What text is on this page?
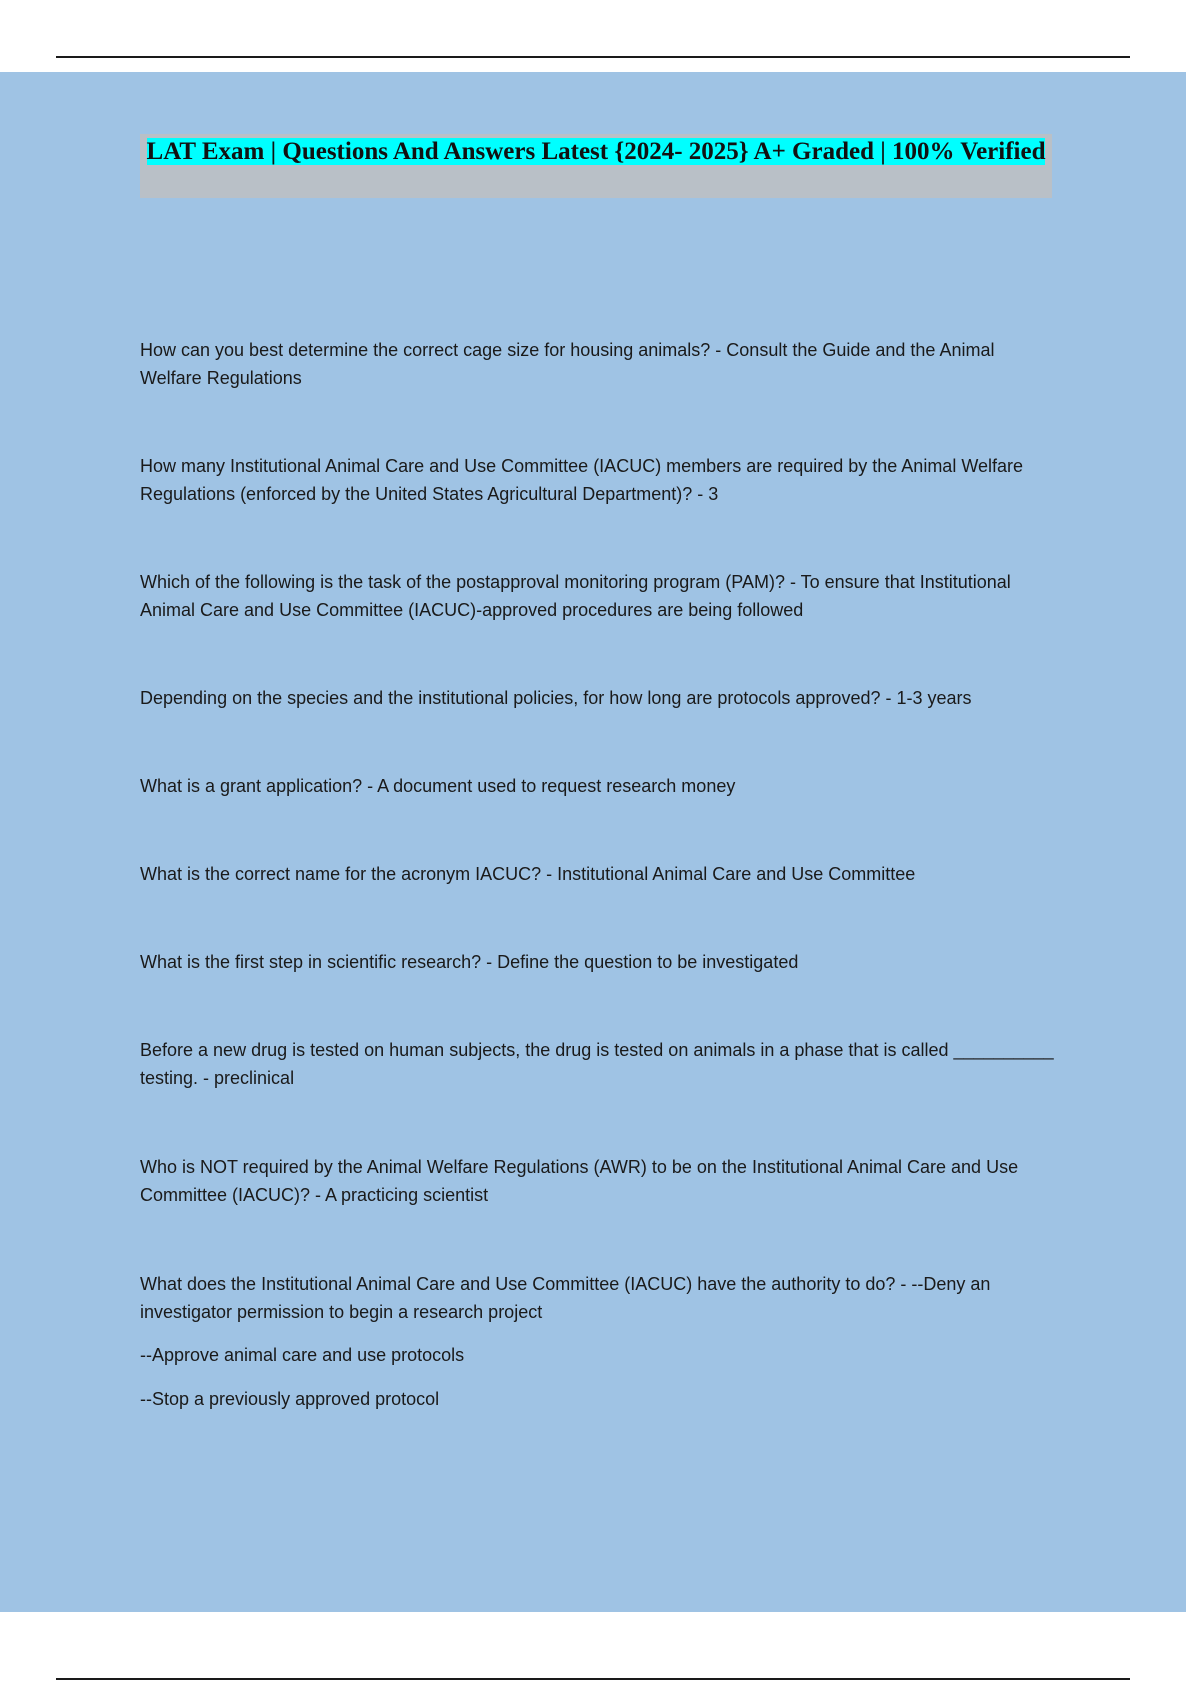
LAT Exam | Questions And Answers Latest {2024- 2025} A+ Graded | 100% Verified

How can you best determine the correct cage size for housing animals? - Consult the Guide and the Animal Welfare Regulations

How many Institutional Animal Care and Use Committee (IACUC) members are required by the Animal Welfare Regulations (enforced by the United States Agricultural Department)? - 3

Which of the following is the task of the postapproval monitoring program (PAM)? - To ensure that Institutional Animal Care and Use Committee (IACUC)-approved procedures are being followed

Depending on the species and the institutional policies, for how long are protocols approved? - 1-3 years

What is a grant application? - A document used to request research money

What is the correct name for the acronym IACUC? - Institutional Animal Care and Use Committee

What is the first step in scientific research? - Define the question to be investigated

Before a new drug is tested on human subjects, the drug is tested on animals in a phase that is called __________ testing. - preclinical

Who is NOT required by the Animal Welfare Regulations (AWR) to be on the Institutional Animal Care and Use Committee (IACUC)? - A practicing scientist

What does the Institutional Animal Care and Use Committee (IACUC) have the authority to do? - --Deny an investigator permission to begin a research project

--Approve animal care and use protocols

--Stop a previously approved protocol
